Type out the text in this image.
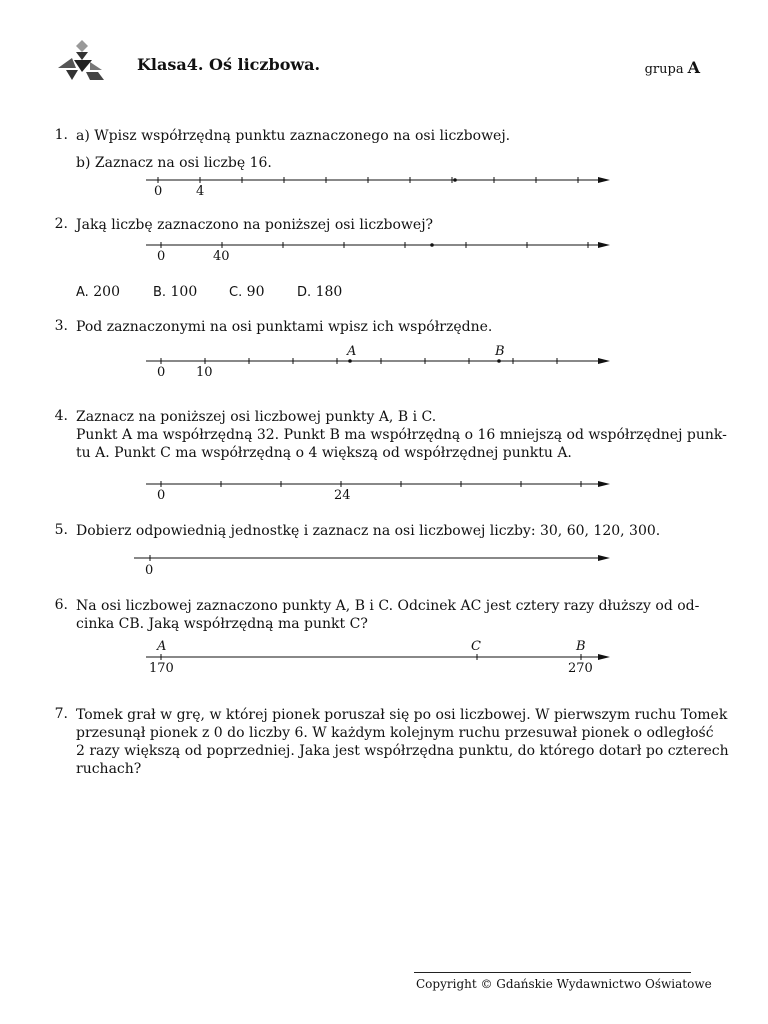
Klasa4. Oś liczbowa.	grupa A
1. a) Wpisz współrzędną punktu zaznaczonego na osi liczbowej.
b) Zaznacz na osi liczbę 16.
0	4
2. Jaką liczbę zaznaczono na poniższej osi liczbowej?
0	40
A. 200	B. 100 C. 90	D. 180
3. Pod zaznaczonymi na osi punktami wpisz ich współrzędne.
A	B
0 10
4. Zaznacz na poniższej osi liczbowej punkty A, B i C.
Punkt A ma współrzędną 32. Punkt B ma współrzędną o 16 mniejszą od współrzędnej punk-
tu A. Punkt C ma współrzędną o 4 większą od współrzędnej punktu A.
0	24
5. Dobierz odpowiednią jednostkę i zaznacz na osi liczbowej liczby: 30, 60, 120, 300.
0
6. Na osi liczbowej zaznaczono punkty A, B i C. Odcinek AC jest cztery razy dłuższy od od-
cinka CB. Jaką współrzędną ma punkt C?
A	C	B
170	270
7. Tomek grał w grę, w której pionek poruszał się po osi liczbowej. W pierwszym ruchu Tomek
przesunął pionek z 0 do liczby 6. W każdym kolejnym ruchu przesuwał pionek o odległość
2 razy większą od poprzedniej. Jaka jest współrzędna punktu, do którego dotarł po czterech
ruchach?
Copyright © Gdańskie Wydawnictwo Oświatowe
